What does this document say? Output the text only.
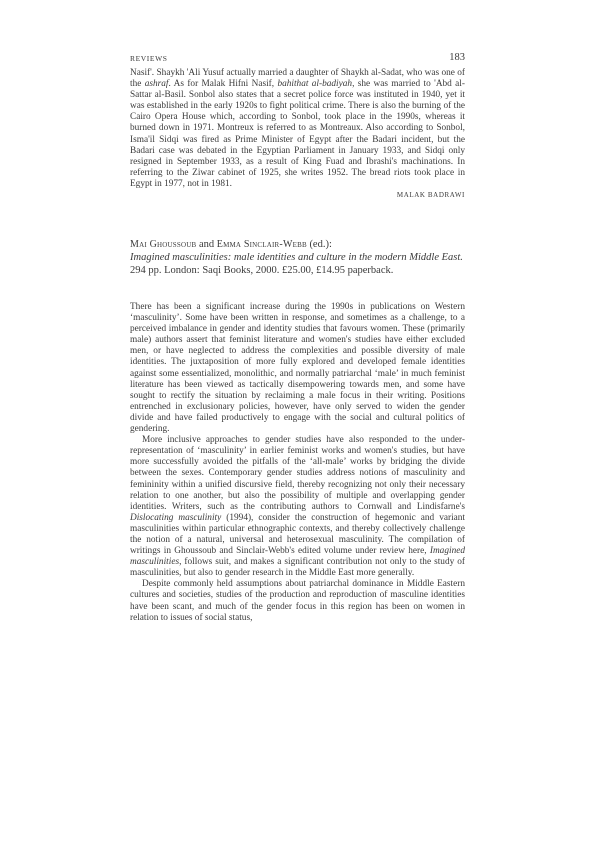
REVIEWS	183

Nasif'. Shaykh 'Ali Yusuf actually married a daughter of Shaykh al-Sadat, who was one of the ashraf. As for Malak Hifni Nasif, bahithat al-badiyah, she was married to 'Abd al-Sattar al-Basil. Sonbol also states that a secret police force was instituted in 1940, yet it was established in the early 1920s to fight political crime. There is also the burning of the Cairo Opera House which, according to Sonbol, took place in the 1990s, whereas it burned down in 1971. Montreux is referred to as Montreaux. Also according to Sonbol, Isma'il Sidqi was fired as Prime Minister of Egypt after the Badari incident, but the Badari case was debated in the Egyptian Parliament in January 1933, and Sidqi only resigned in September 1933, as a result of King Fuad and Ibrashi's machinations. In referring to the Ziwar cabinet of 1925, she writes 1952. The bread riots took place in Egypt in 1977, not in 1981.

MALAK BADRAWI
Mai Ghoussoub and Emma Sinclair-Webb (ed.):
Imagined masculinities: male identities and culture in the modern Middle East.
294 pp. London: Saqi Books, 2000. £25.00, £14.95 paperback.

There has been a significant increase during the 1990s in publications on Western ‘masculinity’. Some have been written in response, and sometimes as a challenge, to a perceived imbalance in gender and identity studies that favours women. These (primarily male) authors assert that feminist literature and women's studies have either excluded men, or have neglected to address the complexities and possible diversity of male identities. The juxtaposition of more fully explored and developed female identities against some essentialized, monolithic, and normally patriarchal ‘male’ in much feminist literature has been viewed as tactically disempowering towards men, and some have sought to rectify the situation by reclaiming a male focus in their writing. Positions entrenched in exclusionary policies, however, have only served to widen the gender divide and have failed productively to engage with the social and cultural politics of gendering.

More inclusive approaches to gender studies have also responded to the under-representation of ‘masculinity’ in earlier feminist works and women's studies, but have more successfully avoided the pitfalls of the ‘all-male’ works by bridging the divide between the sexes. Contemporary gender studies address notions of masculinity and femininity within a unified discursive field, thereby recognizing not only their necessary relation to one another, but also the possibility of multiple and overlapping gender identities. Writers, such as the contributing authors to Cornwall and Lindisfarne's Dislocating masculinity (1994), consider the construction of hegemonic and variant masculinities within particular ethnographic contexts, and thereby collectively challenge the notion of a natural, universal and heterosexual masculinity. The compilation of writings in Ghoussoub and Sinclair-Webb's edited volume under review here, Imagined masculinities, follows suit, and makes a significant contribution not only to the study of masculinities, but also to gender research in the Middle East more generally.

Despite commonly held assumptions about patriarchal dominance in Middle Eastern cultures and societies, studies of the production and reproduction of masculine identities have been scant, and much of the gender focus in this region has been on women in relation to issues of social status,
